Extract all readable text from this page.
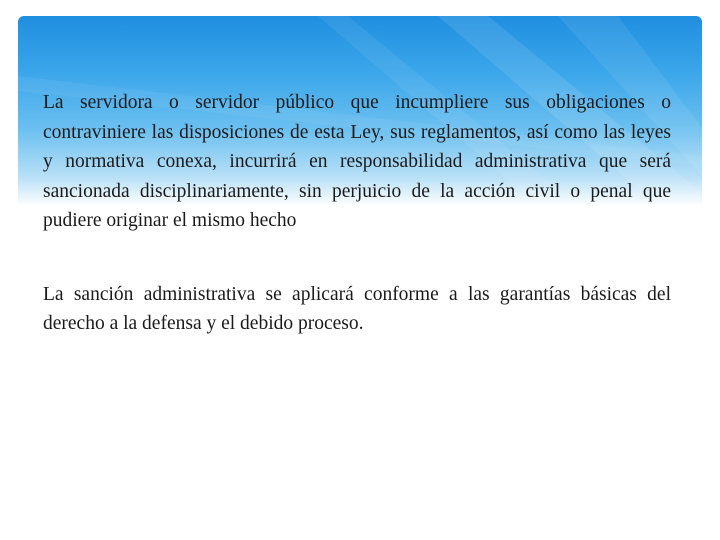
La servidora o servidor público que incumpliere sus obligaciones o contraviniere las disposiciones de esta Ley, sus reglamentos, así como las leyes y normativa conexa, incurrirá en responsabilidad administrativa que será sancionada disciplinariamente, sin perjuicio de la acción civil o penal que pudiere originar el mismo hecho

La sanción administrativa se aplicará conforme a las garantías básicas del derecho a la defensa y el debido proceso.
